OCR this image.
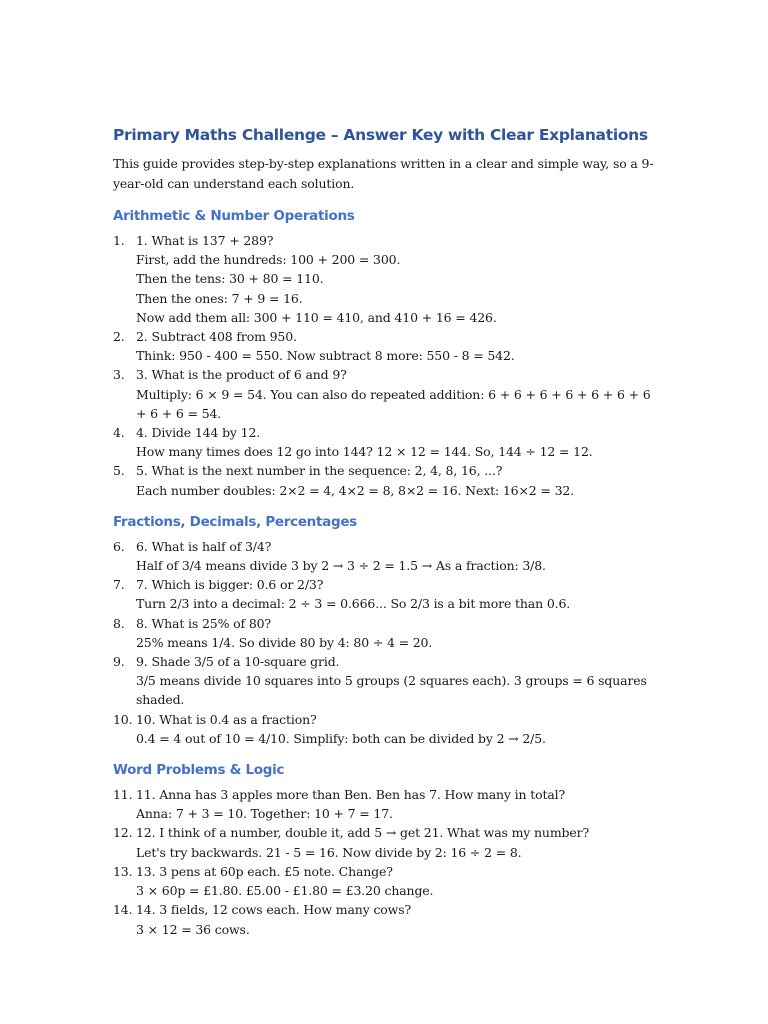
Primary Maths Challenge – Answer Key with Clear Explanations

This guide provides step-by-step explanations written in a clear and simple way, so a 9-year-old can understand each solution.

Arithmetic & Number Operations
1. 1. What is 137 + 289?
First, add the hundreds: 100 + 200 = 300.
Then the tens: 30 + 80 = 110.
Then the ones: 7 + 9 = 16.
Now add them all: 300 + 110 = 410, and 410 + 16 = 426.
2. 2. Subtract 408 from 950.
Think: 950 - 400 = 550. Now subtract 8 more: 550 - 8 = 542.
3. 3. What is the product of 6 and 9?
Multiply: 6 × 9 = 54. You can also do repeated addition: 6 + 6 + 6 + 6 + 6 + 6 + 6 + 6 + 6 = 54.
4. 4. Divide 144 by 12.
How many times does 12 go into 144? 12 × 12 = 144. So, 144 ÷ 12 = 12.
5. 5. What is the next number in the sequence: 2, 4, 8, 16, ...?
Each number doubles: 2×2 = 4, 4×2 = 8, 8×2 = 16. Next: 16×2 = 32.
Fractions, Decimals, Percentages
6. 6. What is half of 3/4?
Half of 3/4 means divide 3 by 2 → 3 ÷ 2 = 1.5 → As a fraction: 3/8.
7. 7. Which is bigger: 0.6 or 2/3?
Turn 2/3 into a decimal: 2 ÷ 3 = 0.666... So 2/3 is a bit more than 0.6.
8. 8. What is 25% of 80?
25% means 1/4. So divide 80 by 4: 80 ÷ 4 = 20.
9. 9. Shade 3/5 of a 10-square grid.
3/5 means divide 10 squares into 5 groups (2 squares each). 3 groups = 6 squares shaded.
10. 10. What is 0.4 as a fraction?
0.4 = 4 out of 10 = 4/10. Simplify: both can be divided by 2 → 2/5.
Word Problems & Logic
11. 11. Anna has 3 apples more than Ben. Ben has 7. How many in total?
Anna: 7 + 3 = 10. Together: 10 + 7 = 17.
12. 12. I think of a number, double it, add 5 → get 21. What was my number?
Let's try backwards. 21 - 5 = 16. Now divide by 2: 16 ÷ 2 = 8.
13. 13. 3 pens at 60p each. £5 note. Change?
3 × 60p = £1.80. £5.00 - £1.80 = £3.20 change.
14. 14. 3 fields, 12 cows each. How many cows?
3 × 12 = 36 cows.
